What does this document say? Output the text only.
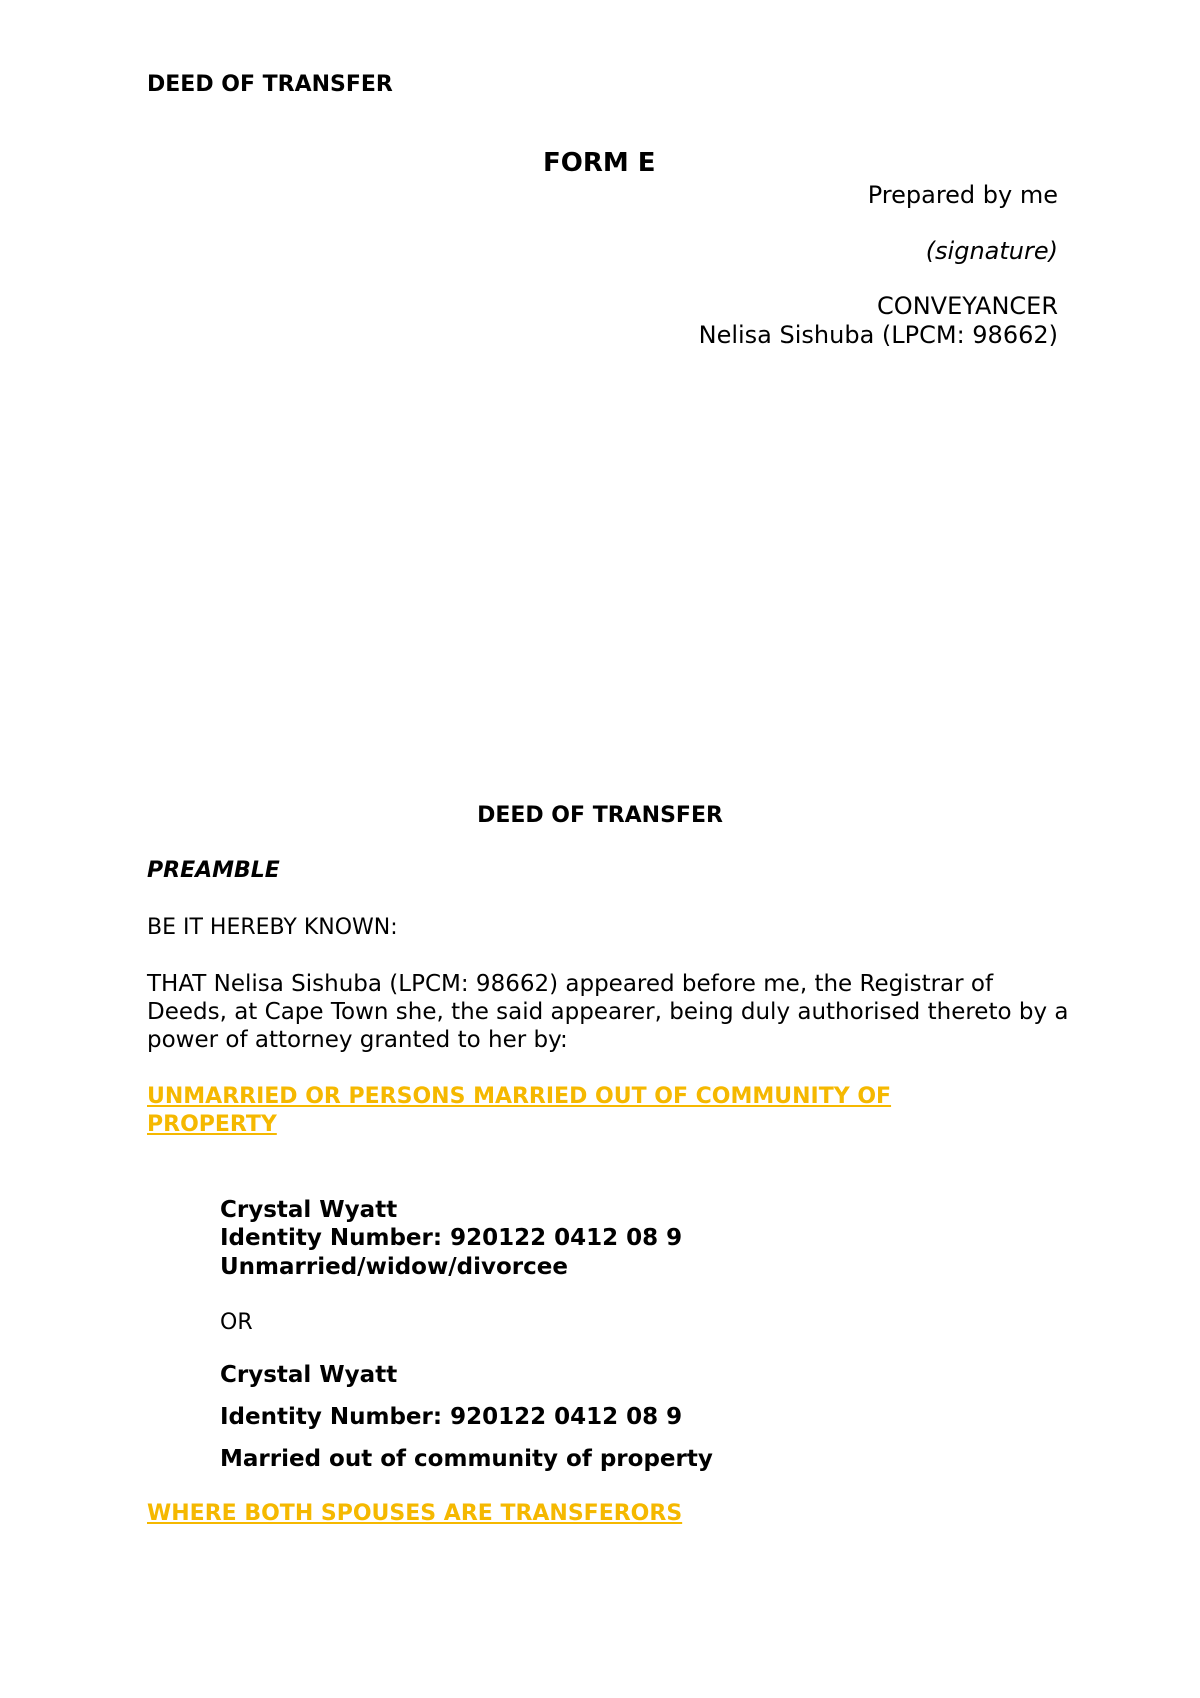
DEED OF TRANSFER

FORM E

Prepared by me

(signature)

CONVEYANCER

Nelisa Sishuba (LPCM: 98662)

DEED OF TRANSFER

PREAMBLE

BE IT HEREBY KNOWN:

THAT Nelisa Sishuba (LPCM: 98662) appeared before me, the Registrar of Deeds, at Cape Town she, the said appearer, being duly authorised thereto by a power of attorney granted to her by:

UNMARRIED OR PERSONS MARRIED OUT OF COMMUNITY OF PROPERTY

Crystal Wyatt

Identity Number: 920122 0412 08 9

Unmarried/widow/divorcee

OR

Crystal Wyatt

Identity Number: 920122 0412 08 9

Married out of community of property

WHERE BOTH SPOUSES ARE TRANSFERORS
